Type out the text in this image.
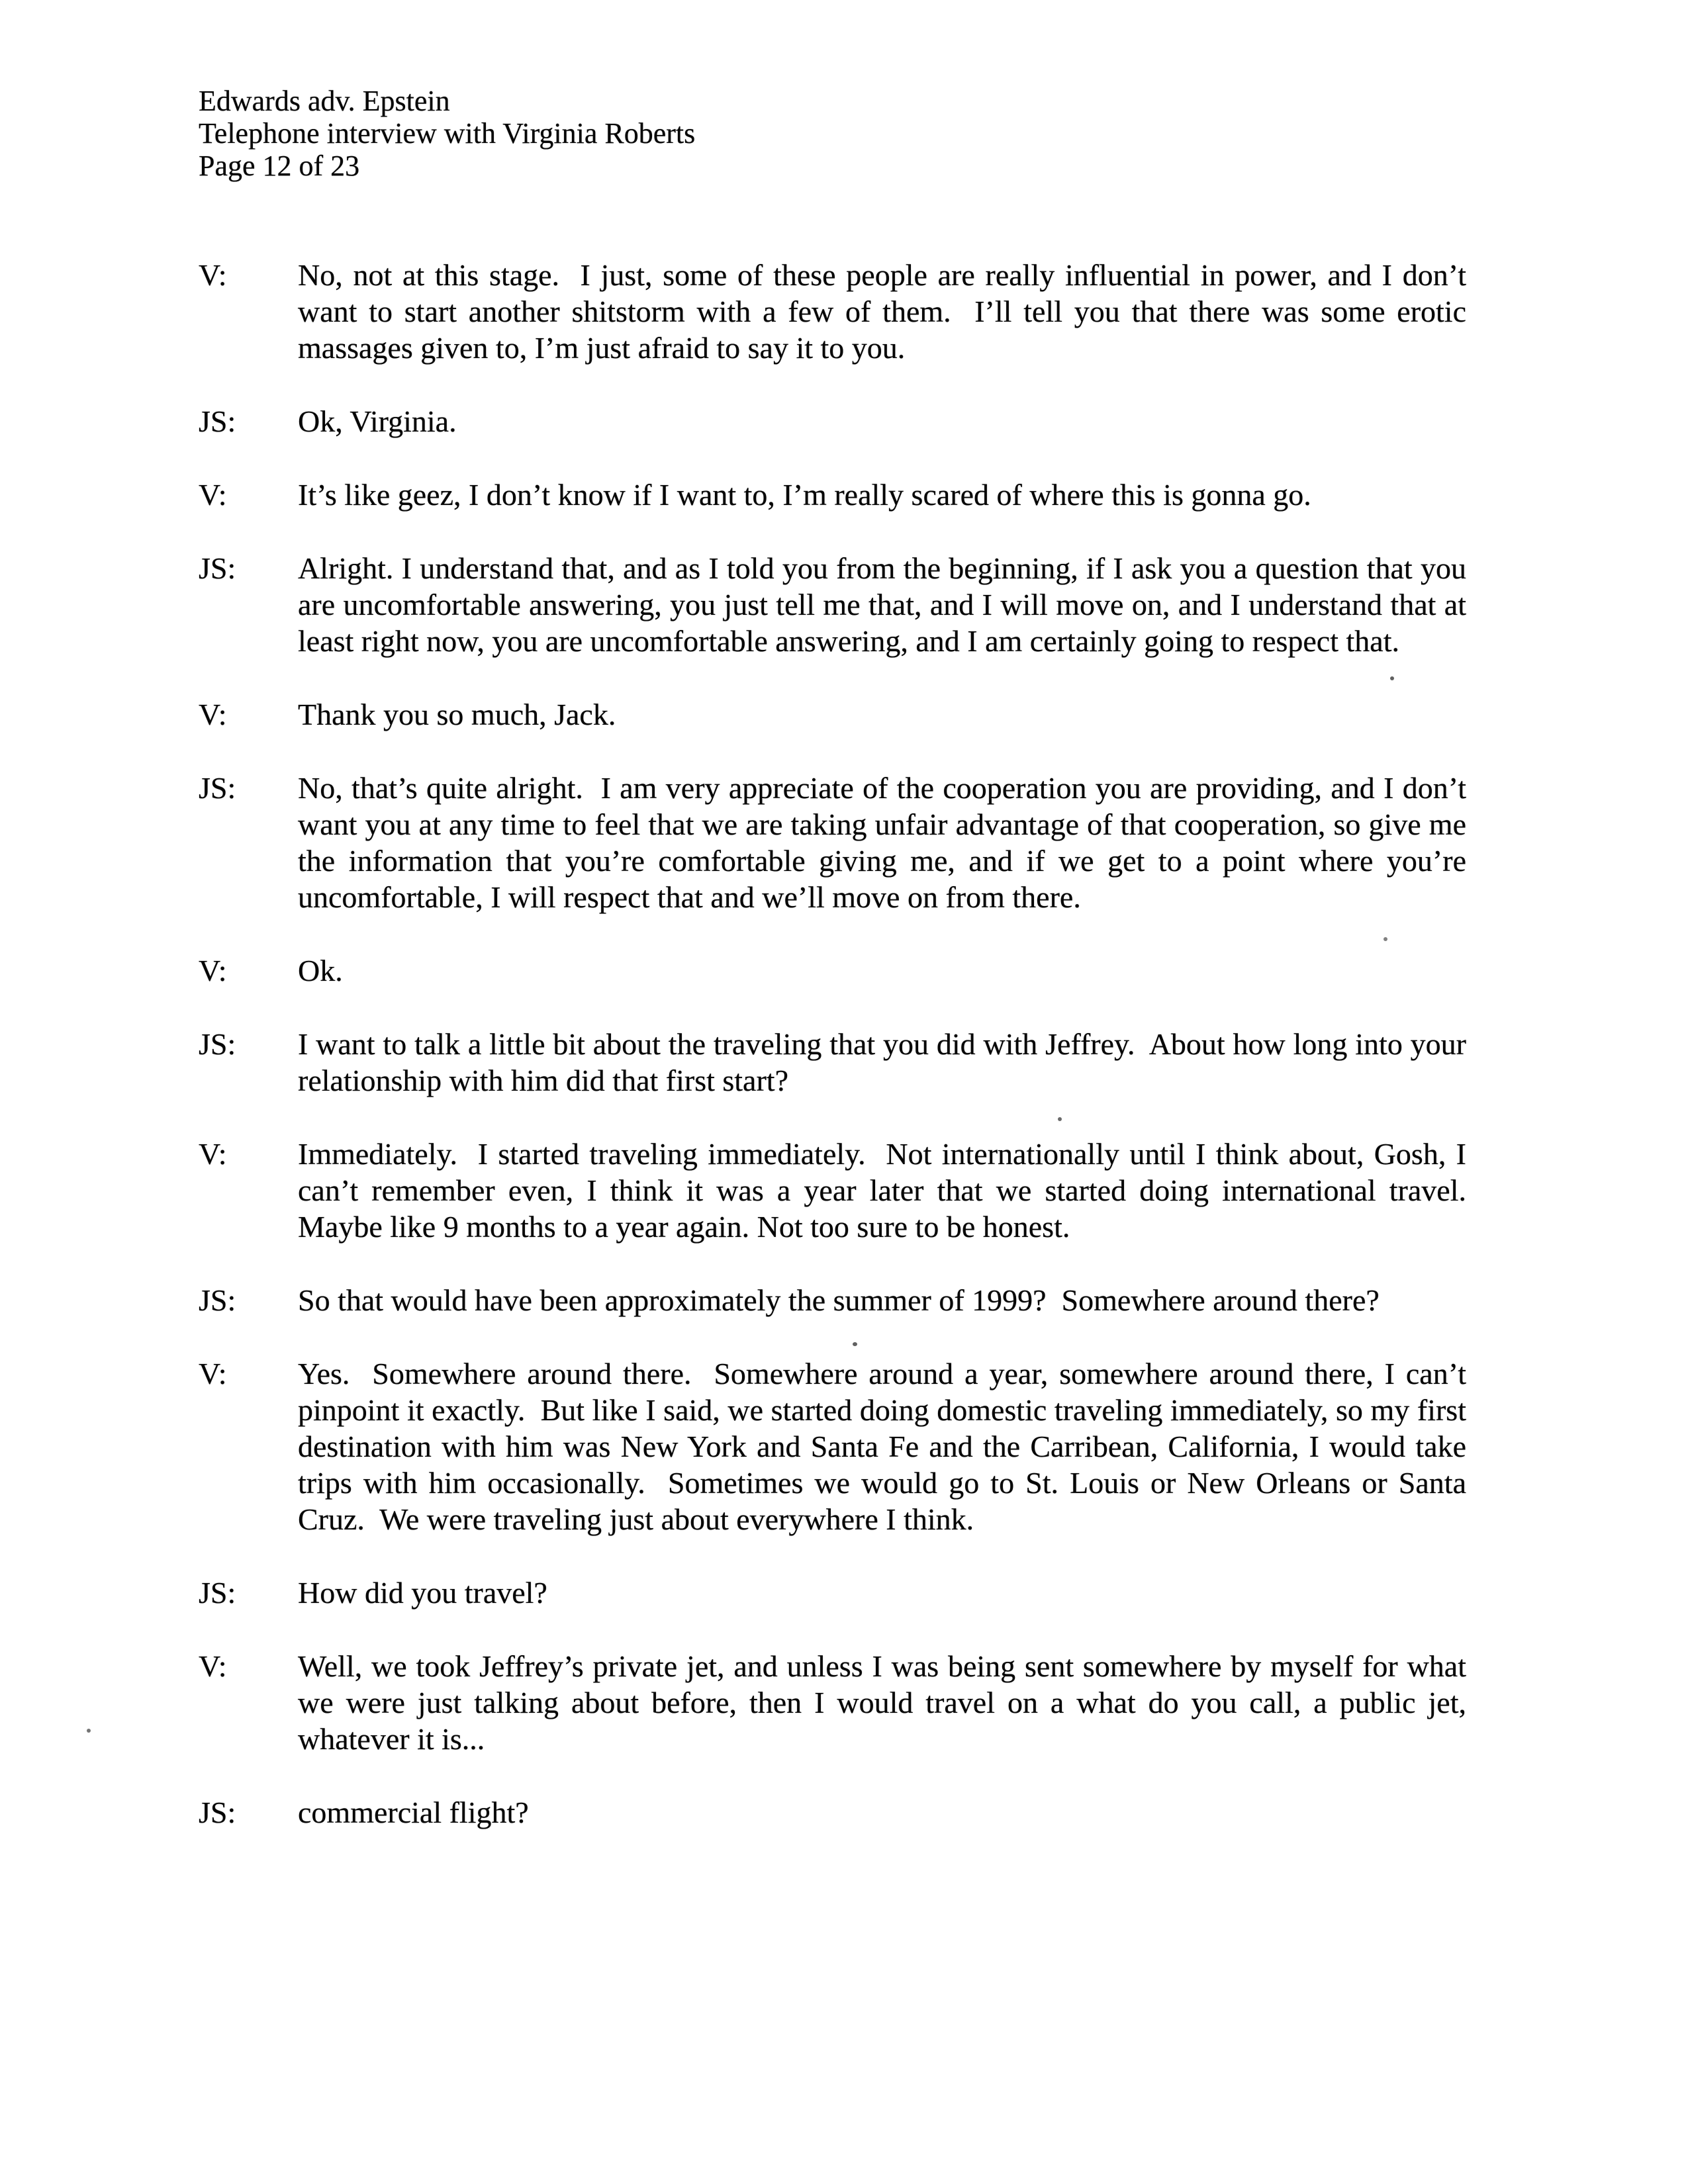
Edwards adv. Epstein
Telephone interview with Virginia Roberts
Page 12 of 23
V:	No, not at this stage.  I just, some of these people are really influential in power, and I don’t want to start another shitstorm with a few of them.  I’ll tell you that there was some erotic massages given to, I’m just afraid to say it to you.
JS:	Ok, Virginia.
V:	It’s like geez, I don’t know if I want to, I’m really scared of where this is gonna go.
JS:	Alright. I understand that, and as I told you from the beginning, if I ask you a question that you are uncomfortable answering, you just tell me that, and I will move on, and I understand that at least right now, you are uncomfortable answering, and I am certainly going to respect that.
V:	Thank you so much, Jack.
JS:	No, that’s quite alright.  I am very appreciate of the cooperation you are providing, and I don’t want you at any time to feel that we are taking unfair advantage of that cooperation, so give me the information that you’re comfortable giving me, and if we get to a point where you’re uncomfortable, I will respect that and we’ll move on from there.
V:	Ok.
JS:	I want to talk a little bit about the traveling that you did with Jeffrey.  About how long into your relationship with him did that first start?
V:	Immediately.  I started traveling immediately.  Not internationally until I think about, Gosh, I can’t remember even, I think it was a year later that we started doing international travel.  Maybe like 9 months to a year again. Not too sure to be honest.
JS:	So that would have been approximately the summer of 1999?  Somewhere around there?
V:	Yes.  Somewhere around there.  Somewhere around a year, somewhere around there, I can’t pinpoint it exactly.  But like I said, we started doing domestic traveling immediately, so my first destination with him was New York and Santa Fe and the Carribean, California, I would take trips with him occasionally.  Sometimes we would go to St. Louis or New Orleans or Santa Cruz.  We were traveling just about everywhere I think.
JS:	How did you travel?
V:	Well, we took Jeffrey’s private jet, and unless I was being sent somewhere by myself for what we were just talking about before, then I would travel on a what do you call, a public jet, whatever it is...
JS:	commercial flight?
